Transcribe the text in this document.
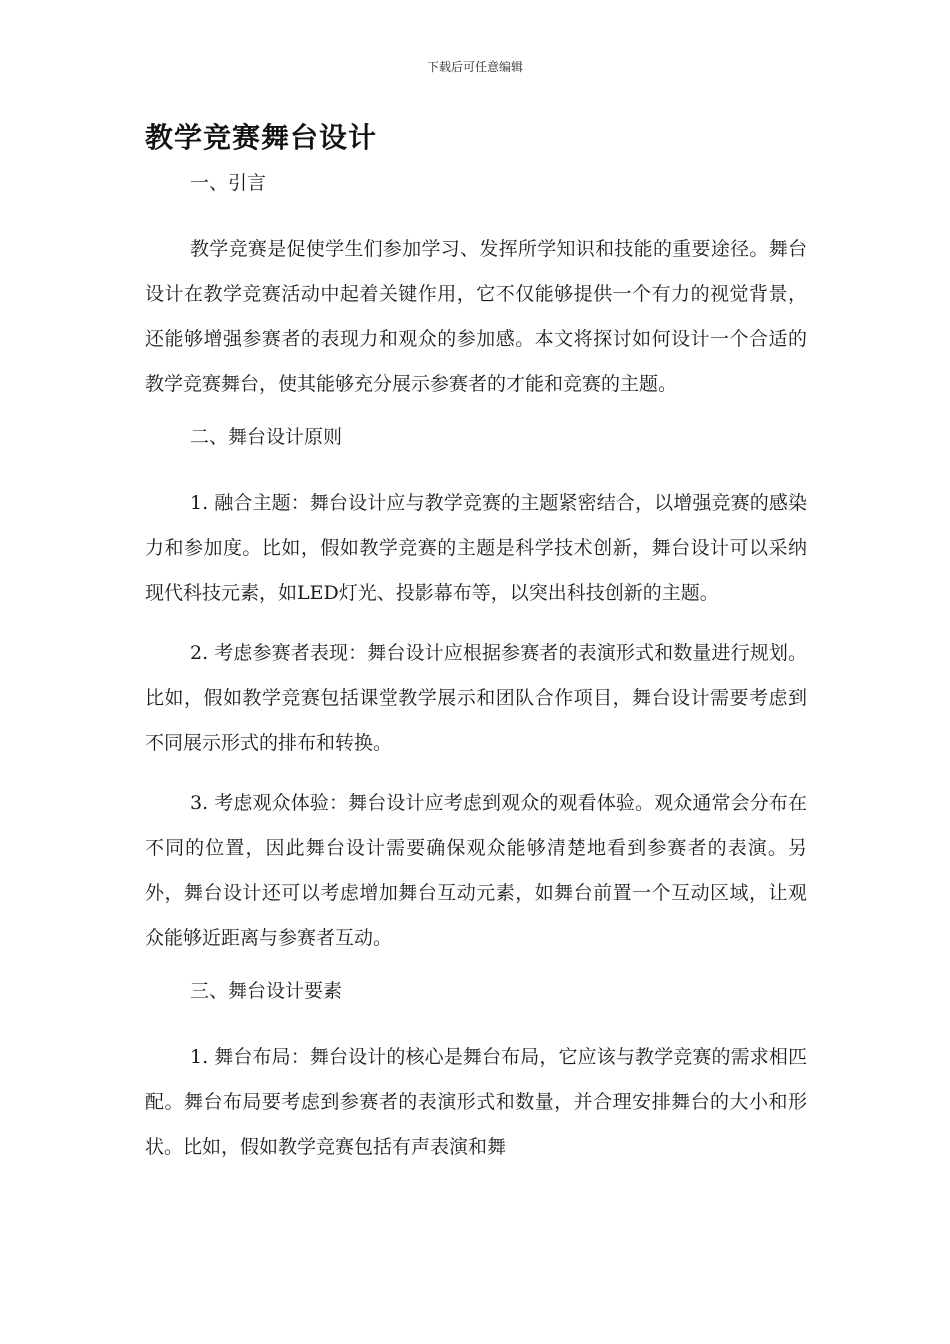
下载后可任意编辑
教学竞赛舞台设计

一、引言

教学竞赛是促使学生们参加学习、发挥所学知识和技能的重要途径。舞台设计在教学竞赛活动中起着关键作用，它不仅能够提供一个有力的视觉背景，还能够增强参赛者的表现力和观众的参加感。本文将探讨如何设计一个合适的教学竞赛舞台，使其能够充分展示参赛者的才能和竞赛的主题。

二、舞台设计原则

1. 融合主题：舞台设计应与教学竞赛的主题紧密结合，以增强竞赛的感染力和参加度。比如，假如教学竞赛的主题是科学技术创新，舞台设计可以采纳现代科技元素，如LED灯光、投影幕布等，以突出科技创新的主题。

2. 考虑参赛者表现：舞台设计应根据参赛者的表演形式和数量进行规划。比如，假如教学竞赛包括课堂教学展示和团队合作项目，舞台设计需要考虑到不同展示形式的排布和转换。

3. 考虑观众体验：舞台设计应考虑到观众的观看体验。观众通常会分布在不同的位置，因此舞台设计需要确保观众能够清楚地看到参赛者的表演。另外，舞台设计还可以考虑增加舞台互动元素，如舞台前置一个互动区域，让观众能够近距离与参赛者互动。

三、舞台设计要素

1. 舞台布局：舞台设计的核心是舞台布局，它应该与教学竞赛的需求相匹配。舞台布局要考虑到参赛者的表演形式和数量，并合理安排舞台的大小和形状。比如，假如教学竞赛包括有声表演和舞
